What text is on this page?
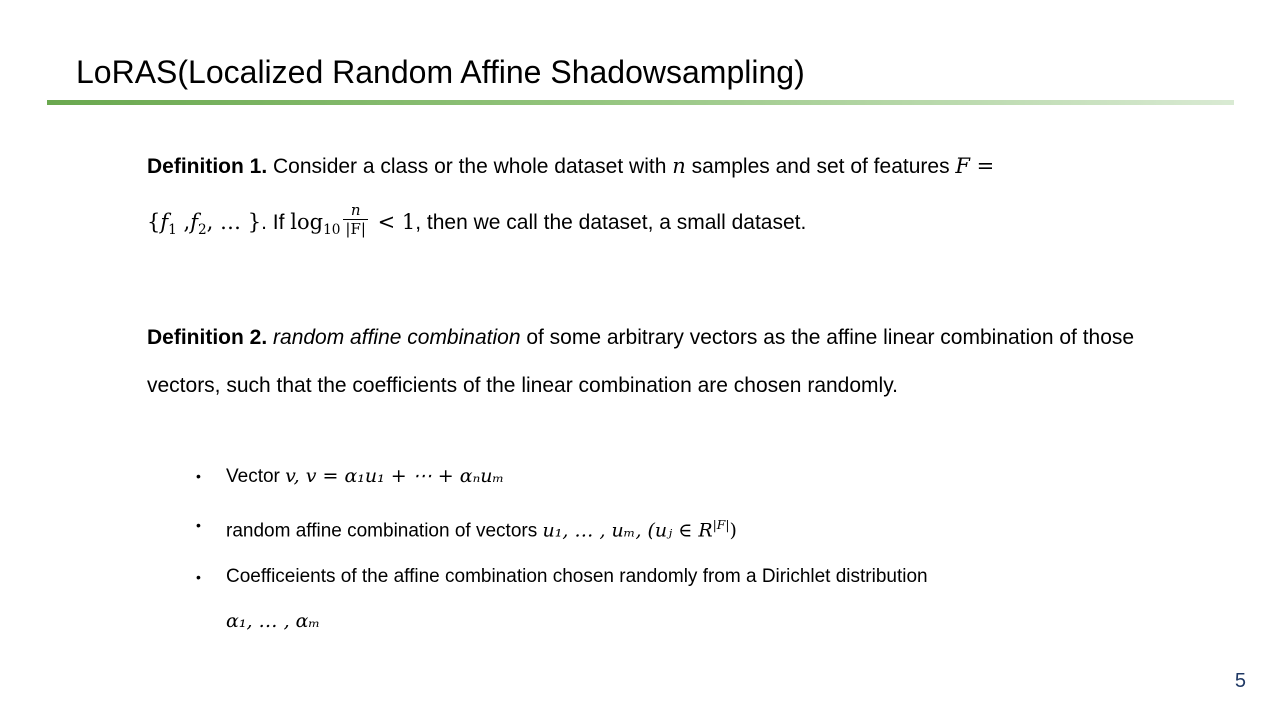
LoRAS(Localized Random Affine Shadowsampling)
Definition 1. Consider a class or the whole dataset with n samples and set of features F =
{$f_1$ $,f_2$, … }. If $\log_{10} \frac{n}{|F|} < 1$, then we call the dataset, a small dataset.
Definition 2. random affine combination of some arbitrary vectors as the affine linear combination of those vectors, such that the coefficients of the linear combination are chosen randomly.
• Vector v, v = α₁u₁ + ⋯ + αₙuₘ
• random affine combination of vectors u₁, … , uₘ, (uⱼ ∈ $R^{|F|}$)
• Coefficeients of the affine combination chosen randomly from a Dirichlet distribution
α₁, … , αₘ
5
